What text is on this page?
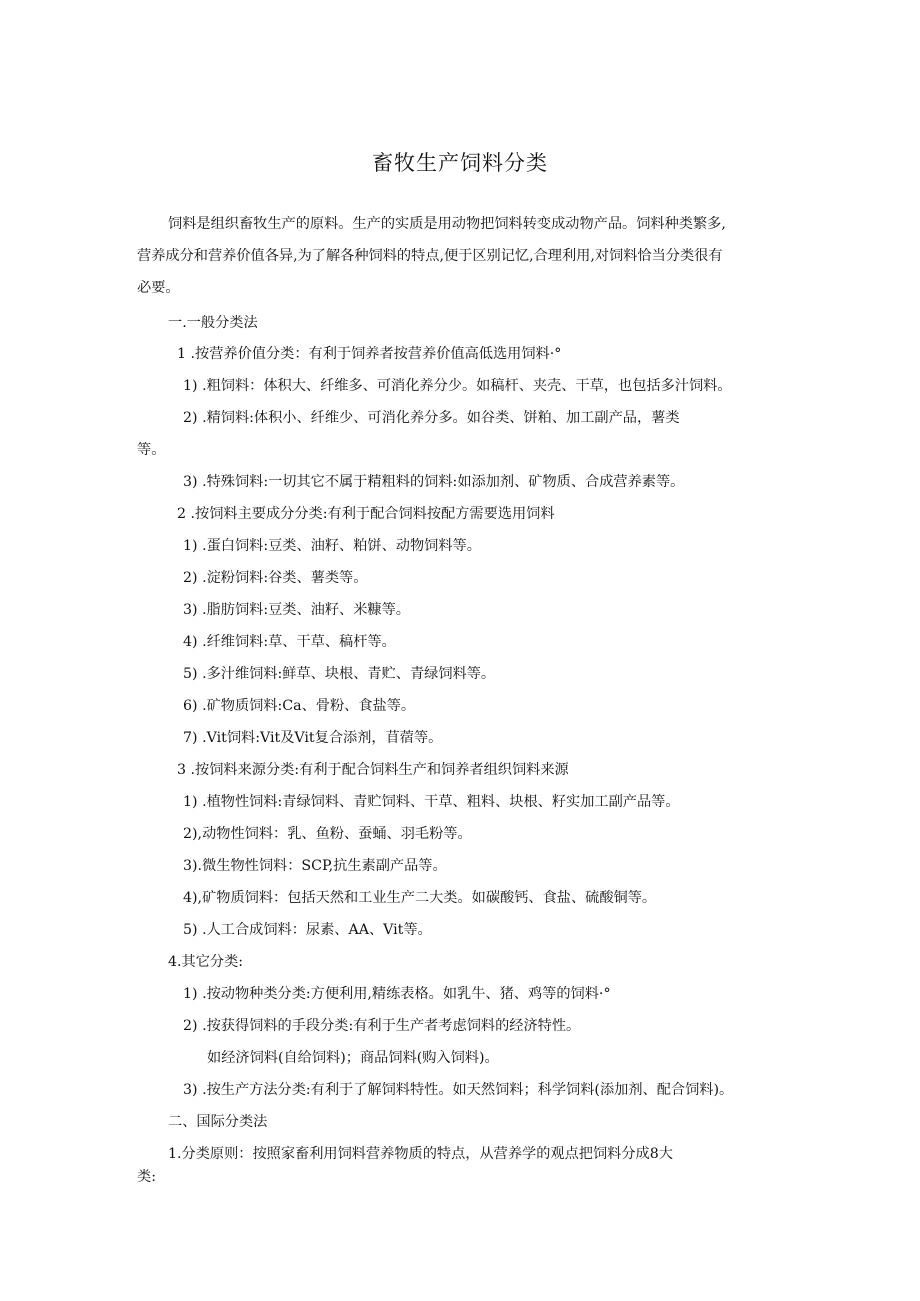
畜牧生产饲料分类
饲料是组织畜牧生产的原料。生产的实质是用动物把饲料转变成动物产品。饲料种类繁多,
营养成分和营养价值各异,为了解各种饲料的特点,便于区别记忆,合理利用,对饲料恰当分类很有
必要。
一.一般分类法
1 .按营养价值分类：有利于饲养者按营养价值高低选用饲料·°
1) .粗饲料：体积大、纤维多、可消化养分少。如稿杆、夹壳、干草，也包括多汁饲料。
2) .精饲料:体积小、纤维少、可消化养分多。如谷类、饼粕、加工副产品，薯类
等。
3) .特殊饲料:一切其它不属于精粗料的饲料:如添加剂、矿物质、合成营养素等。
2 .按饲料主要成分分类:有利于配合饲料按配方需要选用饲料
1) .蛋白饲料:豆类、油籽、粕饼、动物饲料等。
2) .淀粉饲料:谷类、薯类等。
3) .脂肪饲料:豆类、油籽、米糠等。
4) .纤维饲料:草、干草、稿杆等。
5) .多汁维饲料:鲜草、块根、青贮、青绿饲料等。
6) .矿物质饲料:Ca、骨粉、食盐等。
7) .Vit饲料:Vit及Vit复合添剂，苜蓿等。
3 .按饲料来源分类:有利于配合饲料生产和饲养者组织饲料来源
1) .植物性饲料:青绿饲料、青贮饲料、干草、粗料、块根、籽实加工副产品等。
2),动物性饲料：乳、鱼粉、蚕蛹、羽毛粉等。
3).微生物性饲料：SCP,抗生素副产品等。
4),矿物质饲料：包括天然和工业生产二大类。如碳酸钙、食盐、硫酸铜等。
5) .人工合成饲料：尿素、AA、Vit等。
4.其它分类:
1) .按动物种类分类:方便利用,精练表格。如乳牛、猪、鸡等的饲料·°
2) .按获得饲料的手段分类:有利于生产者考虑饲料的经济特性。
如经济饲料(自给饲料)；商品饲料(购入饲料)。
3) .按生产方法分类:有利于了解饲料特性。如天然饲料；科学饲料(添加剂、配合饲料)。
二、国际分类法
1.分类原则：按照家畜利用饲料营养物质的特点，从营养学的观点把饲料分成8大
类:
